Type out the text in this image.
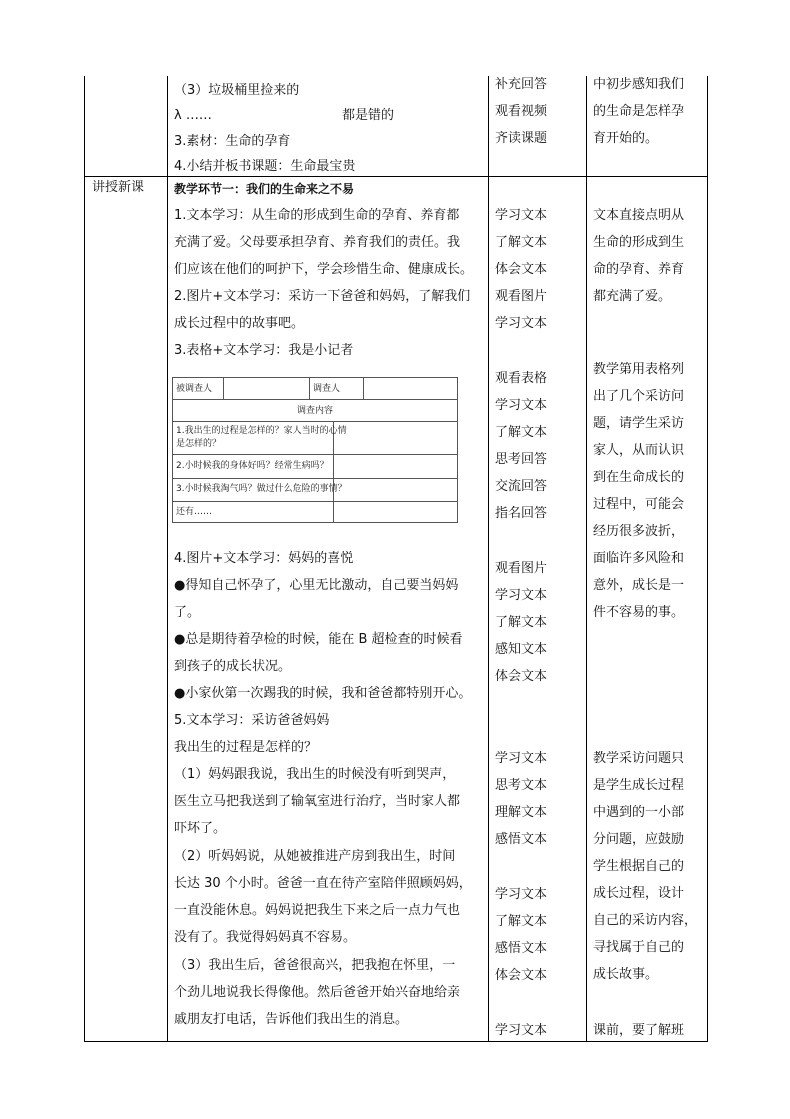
（3）垃圾桶里捡来的
λ ……	都是错的
3.素材：生命的孕育
4.小结并板书课题：生命最宝贵
补充回答
观看视频
齐读课题
中初步感知我们
的生命是怎样孕
育开始的。
讲授新课 教学环节一：我们的生命来之不易
1.文本学习：从生命的形成到生命的孕育、养育都
充满了爱。父母要承担孕育、养育我们的责任。我
们应该在他们的呵护下，学会珍惜生命、健康成长。
2.图片+文本学习：采访一下爸爸和妈妈，了解我们
成长过程中的故事吧。
3.表格+文本学习：我是小记者
被调查人	调查人
调查内容
1.我出生的过程是怎样的？家人当时的心情
是怎样的？
2.小时候我的身体好吗？经常生病吗？
3.小时候我淘气吗？做过什么危险的事情？
还有……
4.图片+文本学习：妈妈的喜悦
●得知自己怀孕了，心里无比激动，自己要当妈妈
了。
●总是期待着孕检的时候，能在 B 超检查的时候看
到孩子的成长状况。
●小家伙第一次踢我的时候，我和爸爸都特别开心。
5.文本学习：采访爸爸妈妈
我出生的过程是怎样的？
（1）妈妈跟我说，我出生的时候没有听到哭声，
医生立马把我送到了输氧室进行治疗，当时家人都
吓坏了。
（2）听妈妈说，从她被推进产房到我出生，时间
长达 30 个小时。爸爸一直在待产室陪伴照顾妈妈，
一直没能休息。妈妈说把我生下来之后一点力气也
没有了。我觉得妈妈真不容易。
（3）我出生后，爸爸很高兴，把我抱在怀里，一
个劲儿地说我长得像他。然后爸爸开始兴奋地给亲
戚朋友打电话，告诉他们我出生的消息。
学习文本
了解文本
体会文本
观看图片
学习文本
观看表格
学习文本
了解文本
思考回答
交流回答
指名回答
观看图片
学习文本
了解文本
感知文本
体会文本
学习文本
思考文本
理解文本
感悟文本
学习文本
了解文本
感悟文本
体会文本
学习文本
文本直接点明从
生命的形成到生
命的孕育、养育
都充满了爱。
教学第用表格列
出了几个采访问
题，请学生采访
家人，从而认识
到在生命成长的
过程中，可能会
经历很多波折，
面临许多风险和
意外，成长是一
件不容易的事。
教学采访问题只
是学生成长过程
中遇到的一小部
分问题，应鼓励
学生根据自己的
成长过程，设计
自己的采访内容，
寻找属于自己的
成长故事。
课前，要了解班
